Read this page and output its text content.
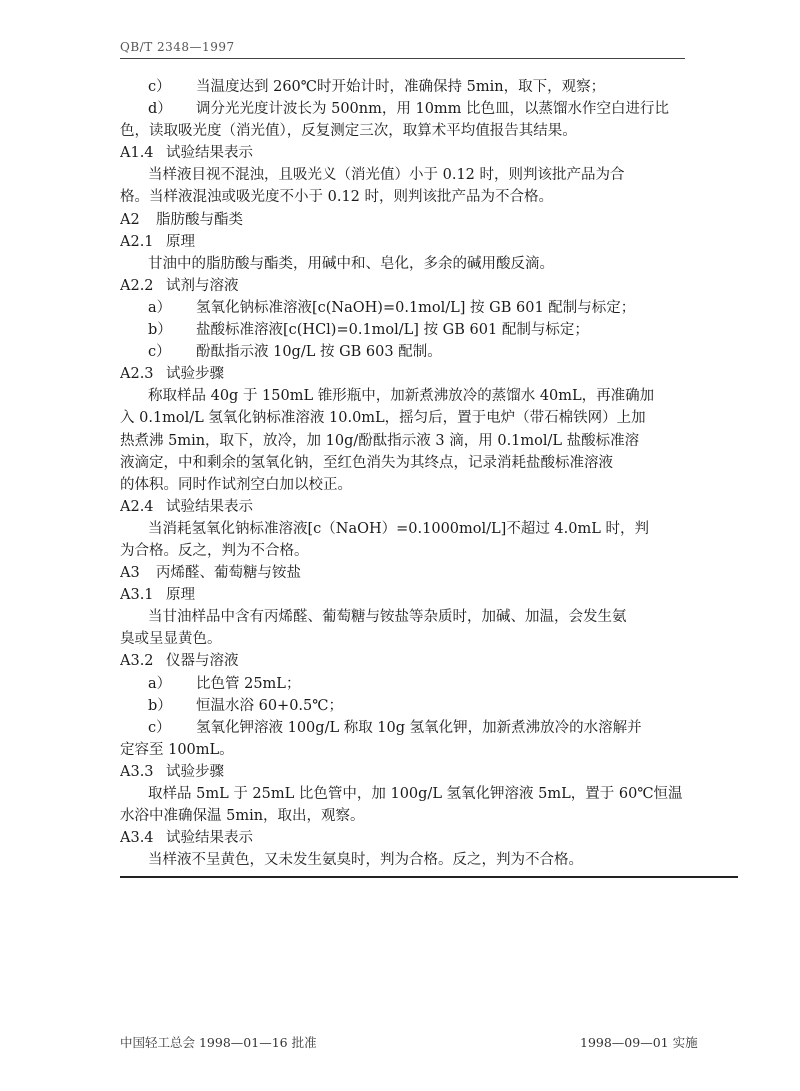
QB/T 2348—1997
c） 当温度达到 260℃时开始计时，准确保持 5min，取下，观察；
d） 调分光光度计波长为 500nm，用 10mm 比色皿，以蒸馏水作空白进行比
色，读取吸光度（消光值），反复测定三次，取算术平均值报告其结果。
A1.4 试验结果表示
当样液目视不混浊，且吸光义（消光值）小于 0.12 时，则判该批产品为合
格。当样液混浊或吸光度不小于 0.12 时，则判该批产品为不合格。
A2 脂肪酸与酯类
A2.1 原理
甘油中的脂肪酸与酯类，用碱中和、皂化，多余的碱用酸反滴。
A2.2 试剂与溶液
a） 氢氧化钠标准溶液[c(NaOH)=0.1mol/L] 按 GB 601 配制与标定；
b） 盐酸标准溶液[c(HCl)=0.1mol/L] 按 GB 601 配制与标定；
c） 酚酞指示液 10g/L 按 GB 603 配制。
A2.3 试验步骤
称取样品 40g 于 150mL 锥形瓶中，加新煮沸放冷的蒸馏水 40mL，再准确加
入 0.1mol/L 氢氧化钠标准溶液 10.0mL，摇匀后，置于电炉（带石棉铁网）上加
热煮沸 5min，取下，放冷，加 10g/酚酞指示液 3 滴，用 0.1mol/L 盐酸标准溶
液滴定，中和剩余的氢氧化钠，至红色消失为其终点，记录消耗盐酸标准溶液
的体积。同时作试剂空白加以校正。
A2.4 试验结果表示
当消耗氢氧化钠标准溶液[c（NaOH）=0.1000mol/L]不超过 4.0mL 时，判
为合格。反之，判为不合格。
A3 丙烯醛、葡萄糖与铵盐
A3.1 原理
当甘油样品中含有丙烯醛、葡萄糖与铵盐等杂质时，加碱、加温，会发生氨
臭或呈显黄色。
A3.2 仪器与溶液
a） 比色管 25mL；
b） 恒温水浴 60+0.5℃；
c） 氢氧化钾溶液 100g/L 称取 10g 氢氧化钾，加新煮沸放冷的水溶解并
定容至 100mL。
A3.3 试验步骤
取样品 5mL 于 25mL 比色管中，加 100g/L 氢氧化钾溶液 5mL，置于 60℃恒温
水浴中准确保温 5min，取出，观察。
A3.4 试验结果表示
当样液不呈黄色，又未发生氨臭时，判为合格。反之，判为不合格。
中国轻工总会 1998—01—16 批准	1998—09—01 实施
